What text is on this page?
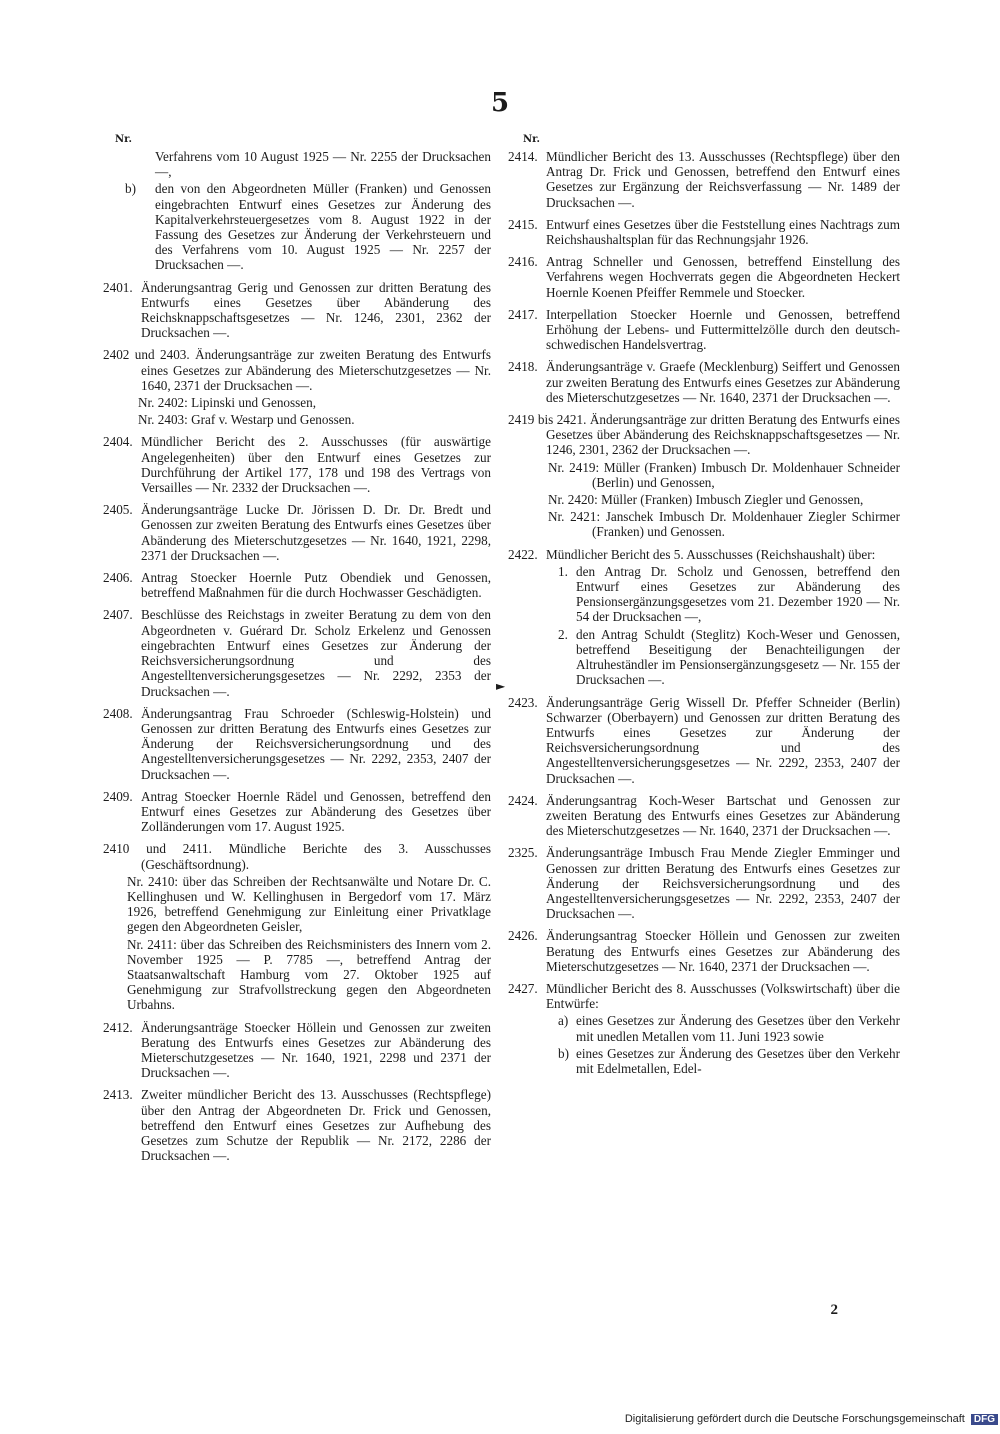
5
Nr.
Verfahrens vom 10 August 1925 — Nr. 2255 der Drucksachen —,
b)	den von den Abgeordneten Müller (Franken) und Genossen eingebrachten Entwurf eines Gesetzes zur Änderung des Kapitalverkehrsteuergesetzes vom 8. August 1922 in der Fassung des Gesetzes zur Änderung der Verkehrsteuern und des Verfahrens vom 10. August 1925 — Nr. 2257 der Drucksachen —.
2401. Änderungsantrag Gerig und Genossen zur dritten Beratung des Entwurfs eines Gesetzes über Abänderung des Reichsknappschaftsgesetzes — Nr. 1246, 2301, 2362 der Drucksachen —.
2402 und 2403. Änderungsanträge zur zweiten Beratung des Entwurfs eines Gesetzes zur Abänderung des Mieterschutzgesetzes — Nr. 1640, 2371 der Drucksachen —.
Nr. 2402: Lipinski und Genossen,
Nr. 2403: Graf v. Westarp und Genossen.
2404. Mündlicher Bericht des 2. Ausschusses (für auswärtige Angelegenheiten) über den Entwurf eines Gesetzes zur Durchführung der Artikel 177, 178 und 198 des Vertrags von Versailles — Nr. 2332 der Drucksachen —.
2405. Änderungsanträge Lucke Dr. Jörissen D. Dr. Dr. Bredt und Genossen zur zweiten Beratung des Entwurfs eines Gesetzes über Abänderung des Mieterschutzgesetzes — Nr. 1640, 1921, 2298, 2371 der Drucksachen —.
2406. Antrag Stoecker Hoernle Putz Obendiek und Genossen, betreffend Maßnahmen für die durch Hochwasser Geschädigten.
2407. Beschlüsse des Reichstags in zweiter Beratung zu dem von den Abgeordneten v. Guérard Dr. Scholz Erkelenz und Genossen eingebrachten Entwurf eines Gesetzes zur Änderung der Reichsversicherungsordnung und des Angestelltenversicherungsgesetzes — Nr. 2292, 2353 der Drucksachen —.
2408. Änderungsantrag Frau Schroeder (Schleswig-Holstein) und Genossen zur dritten Beratung des Entwurfs eines Gesetzes zur Änderung der Reichsversicherungsordnung und des Angestelltenversicherungsgesetzes — Nr. 2292, 2353, 2407 der Drucksachen —.
2409. Antrag Stoecker Hoernle Rädel und Genossen, betreffend den Entwurf eines Gesetzes zur Abänderung des Gesetzes über Zolländerungen vom 17. August 1925.
2410 und 2411. Mündliche Berichte des 3. Ausschusses (Geschäftsordnung).
Nr. 2410: über das Schreiben der Rechtsanwälte und Notare Dr. C. Kellinghusen und W. Kellinghusen in Bergedorf vom 17. März 1926, betreffend Genehmigung zur Einleitung einer Privatklage gegen den Abgeordneten Geisler,
Nr. 2411: über das Schreiben des Reichsministers des Innern vom 2. November 1925 — P. 7785 —, betreffend Antrag der Staatsanwaltschaft Hamburg vom 27. Oktober 1925 auf Genehmigung zur Strafvollstreckung gegen den Abgeordneten Urbahns.
2412. Änderungsanträge Stoecker Höllein und Genossen zur zweiten Beratung des Entwurfs eines Gesetzes zur Abänderung des Mieterschutzgesetzes — Nr. 1640, 1921, 2298 und 2371 der Drucksachen —.
2413. Zweiter mündlicher Bericht des 13. Ausschusses (Rechtspflege) über den Antrag der Abgeordneten Dr. Frick und Genossen, betreffend den Entwurf eines Gesetzes zur Aufhebung des Gesetzes zum Schutze der Republik — Nr. 2172, 2286 der Drucksachen —.
►
Nr.
2414. Mündlicher Bericht des 13. Ausschusses (Rechtspflege) über den Antrag Dr. Frick und Genossen, betreffend den Entwurf eines Gesetzes zur Ergänzung der Reichsverfassung — Nr. 1489 der Drucksachen —.
2415. Entwurf eines Gesetzes über die Feststellung eines Nachtrags zum Reichshaushaltsplan für das Rechnungsjahr 1926.
2416. Antrag Schneller und Genossen, betreffend Einstellung des Verfahrens wegen Hochverrats gegen die Abgeordneten Heckert Hoernle Koenen Pfeiffer Remmele und Stoecker.
2417. Interpellation Stoecker Hoernle und Genossen, betreffend Erhöhung der Lebens- und Futtermittelzölle durch den deutsch-schwedischen Handelsvertrag.
2418. Änderungsanträge v. Graefe (Mecklenburg) Seiffert und Genossen zur zweiten Beratung des Entwurfs eines Gesetzes zur Abänderung des Mieterschutzgesetzes — Nr. 1640, 2371 der Drucksachen —.
2419 bis 2421. Änderungsanträge zur dritten Beratung des Entwurfs eines Gesetzes über Abänderung des Reichsknappschaftsgesetzes — Nr. 1246, 2301, 2362 der Drucksachen —.
Nr. 2419: Müller (Franken) Imbusch Dr. Moldenhauer Schneider (Berlin) und Genossen,
Nr. 2420: Müller (Franken) Imbusch Ziegler und Genossen,
Nr. 2421: Janschek Imbusch Dr. Moldenhauer Ziegler Schirmer (Franken) und Genossen.
2422. Mündlicher Bericht des 5. Ausschusses (Reichshaushalt) über:
1. den Antrag Dr. Scholz und Genossen, betreffend den Entwurf eines Gesetzes zur Abänderung des Pensionsergänzungsgesetzes vom 21. Dezember 1920 — Nr. 54 der Drucksachen —,
2. den Antrag Schuldt (Steglitz) Koch-Weser und Genossen, betreffend Beseitigung der Benachteiligungen der Altruheständler im Pensionsergänzungsgesetz — Nr. 155 der Drucksachen —.
2423. Änderungsanträge Gerig Wissell Dr. Pfeffer Schneider (Berlin) Schwarzer (Oberbayern) und Genossen zur dritten Beratung des Entwurfs eines Gesetzes zur Änderung der Reichsversicherungsordnung und des Angestelltenversicherungsgesetzes — Nr. 2292, 2353, 2407 der Drucksachen —.
2424. Änderungsantrag Koch-Weser Bartschat und Genossen zur zweiten Beratung des Entwurfs eines Gesetzes zur Abänderung des Mieterschutzgesetzes — Nr. 1640, 2371 der Drucksachen —.
2325. Änderungsanträge Imbusch Frau Mende Ziegler Emminger und Genossen zur dritten Beratung des Entwurfs eines Gesetzes zur Änderung der Reichsversicherungsordnung und des Angestelltenversicherungsgesetzes — Nr. 2292, 2353, 2407 der Drucksachen —.
2426. Änderungsantrag Stoecker Höllein und Genossen zur zweiten Beratung des Entwurfs eines Gesetzes zur Abänderung des Mieterschutzgesetzes — Nr. 1640, 2371 der Drucksachen —.
2427. Mündlicher Bericht des 8. Ausschusses (Volkswirtschaft) über die Entwürfe:
a) eines Gesetzes zur Änderung des Gesetzes über den Verkehr mit unedlen Metallen vom 11. Juni 1923 sowie
b) eines Gesetzes zur Änderung des Gesetzes über den Verkehr mit Edelmetallen, Edel-
2
Digitalisierung gefördert durch die Deutsche Forschungsgemeinschaft DFG
